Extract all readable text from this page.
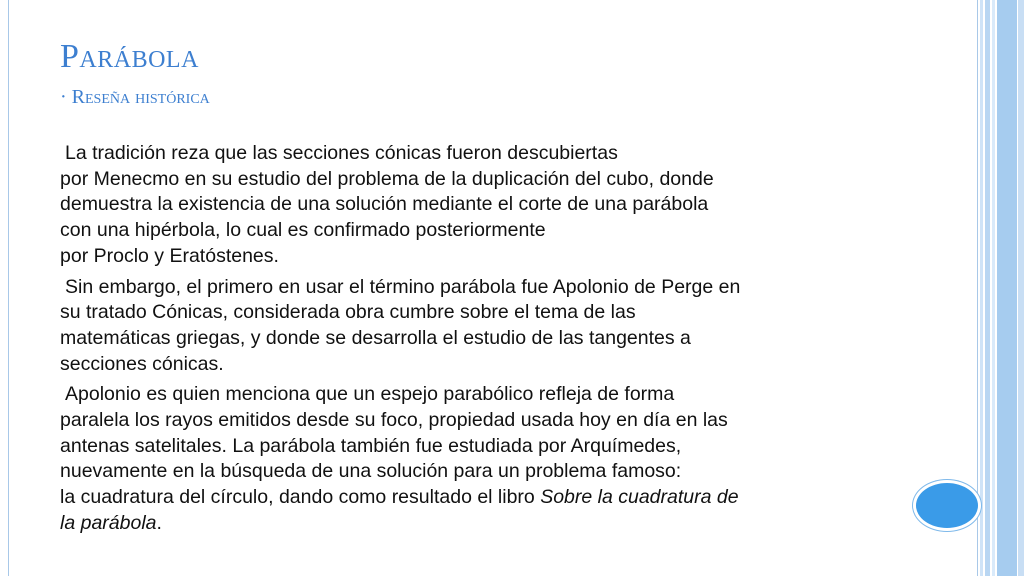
Parábola
· Reseña histórica

La tradición reza que las secciones cónicas fueron descubiertas
por Menecmo en su estudio del problema de la duplicación del cubo, donde
demuestra la existencia de una solución mediante el corte de una parábola
con una hipérbola, lo cual es confirmado posteriormente
por Proclo y Eratóstenes.

Sin embargo, el primero en usar el término parábola fue Apolonio de Perge en
su tratado Cónicas, considerada obra cumbre sobre el tema de las
matemáticas griegas, y donde se desarrolla el estudio de las tangentes a
secciones cónicas.

Apolonio es quien menciona que un espejo parabólico refleja de forma
paralela los rayos emitidos desde su foco, propiedad usada hoy en día en las
antenas satelitales. La parábola también fue estudiada por Arquímedes,
nuevamente en la búsqueda de una solución para un problema famoso:
la cuadratura del círculo, dando como resultado el libro Sobre la cuadratura de
la parábola.
